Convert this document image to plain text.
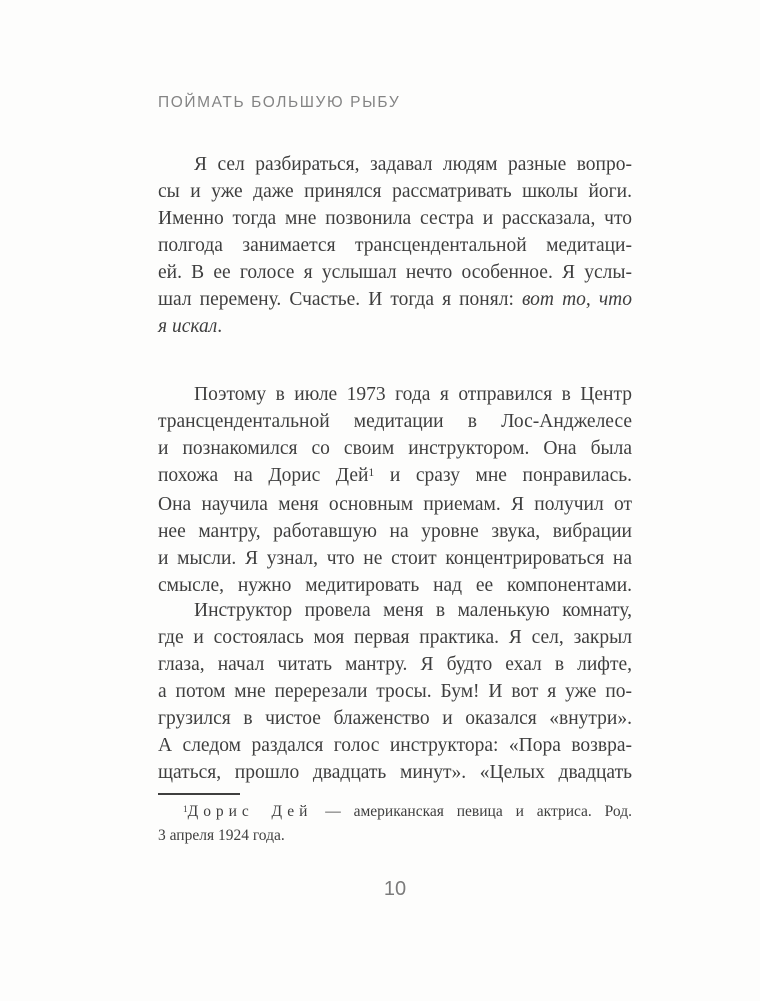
ПОЙМАТЬ БОЛЬШУЮ РЫБУ
Я сел разбираться, задавал людям разные вопро-
сы и уже даже принялся рассматривать школы йоги.
Именно тогда мне позвонила сестра и рассказала, что
полгода занимается трансцендентальной медитаци-
ей. В ее голосе я услышал нечто особенное. Я услы-
шал перемену. Счастье. И тогда я понял: вот то, что
я искал.
Поэтому в июле 1973 года я отправился в Центр
трансцендентальной медитации в Лос-Анджелесе
и познакомился со своим инструктором. Она была
похожа на Дорис Дей$^1$ и сразу мне понравилась.
Она научила меня основным приемам. Я получил от
нее мантру, работавшую на уровне звука, вибрации
и мысли. Я узнал, что не стоит концентрироваться на
смысле, нужно медитировать над ее компонентами.
Инструктор провела меня в маленькую комнату,
где и состоялась моя первая практика. Я сел, закрыл
глаза, начал читать мантру. Я будто ехал в лифте,
а потом мне перерезали тросы. Бум! И вот я уже по-
грузился в чистое блаженство и оказался «внутри».
А следом раздался голос инструктора: «Пора возвра-
щаться, прошло двадцать минут». «Целых двадцать
$^1$Дорис Дей — американская певица и актриса. Род.
3 апреля 1924 года.
10
